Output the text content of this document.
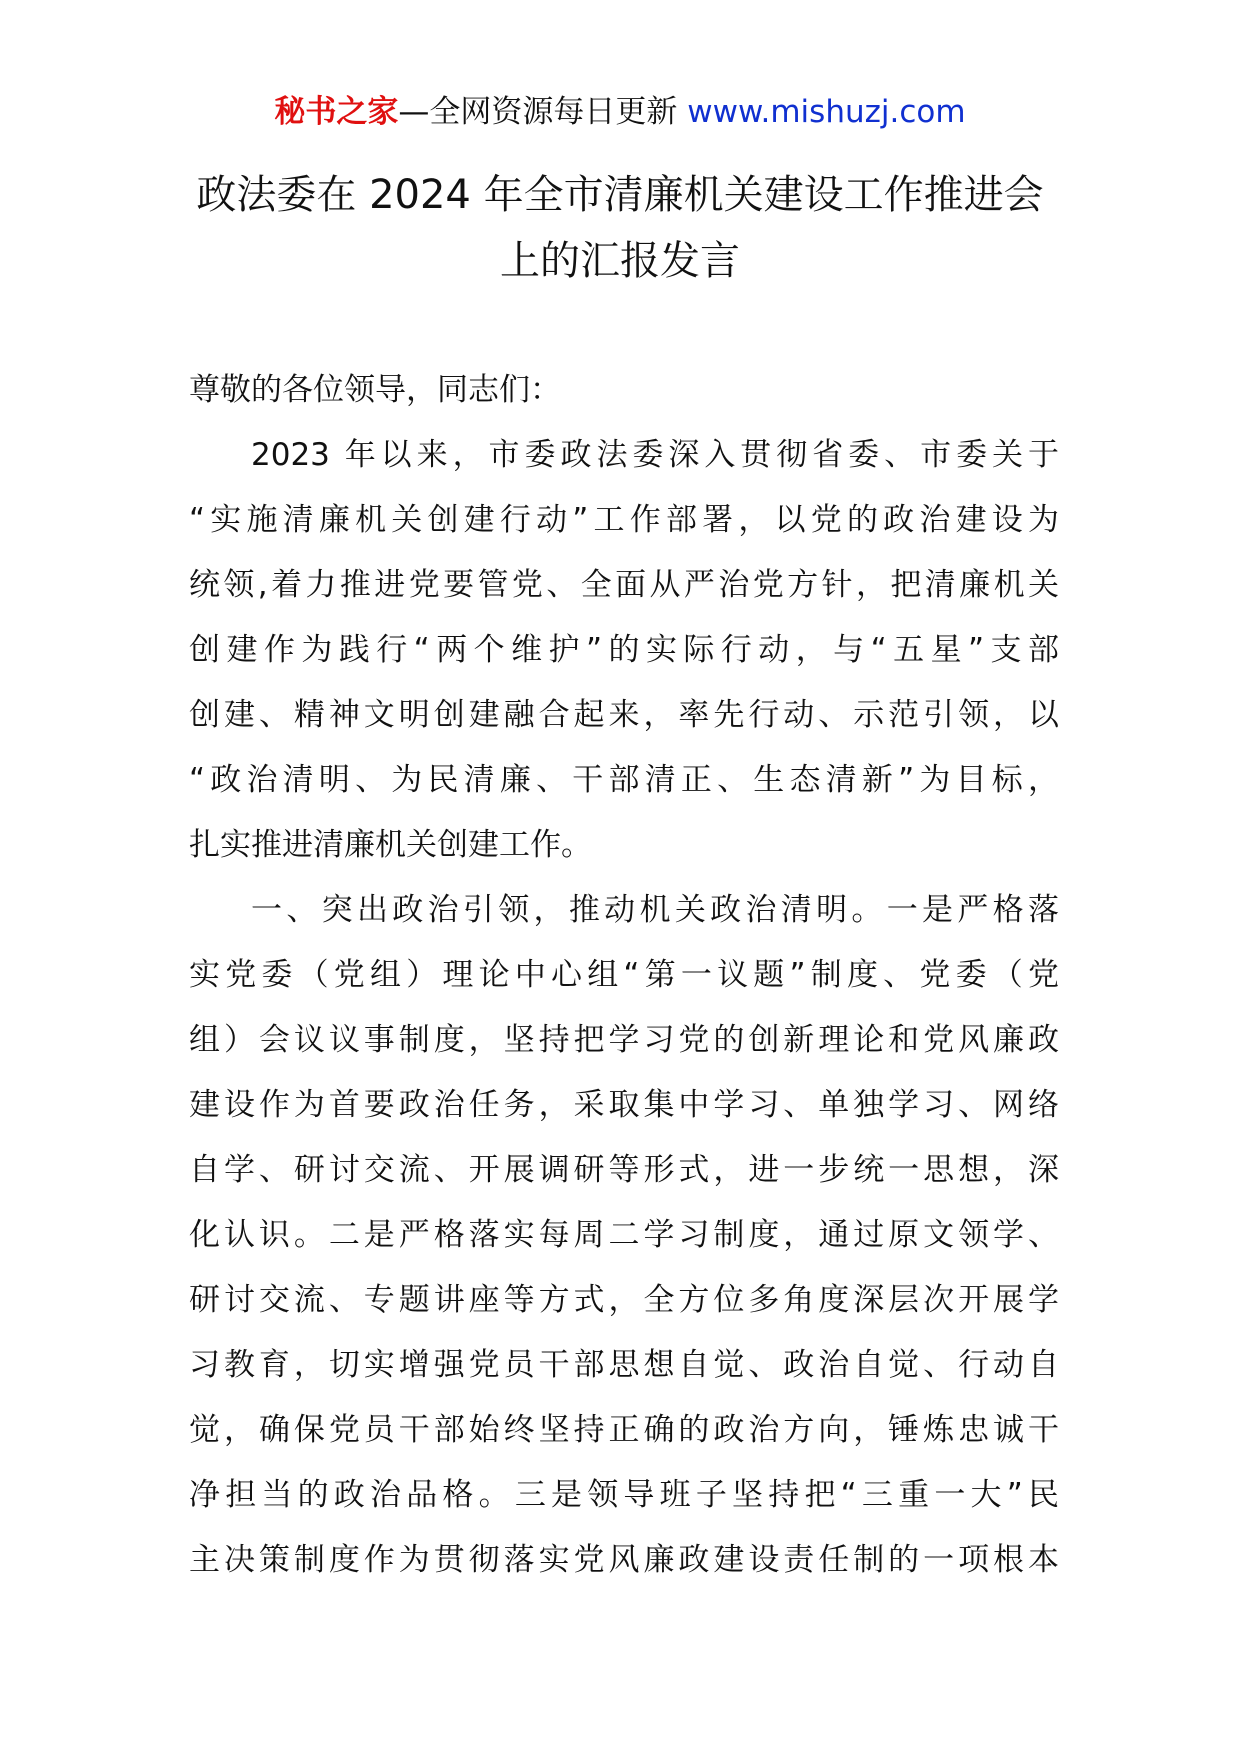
秘书之家—全网资源每日更新 www.mishuzj.com
政法委在 2024 年全市清廉机关建设工作推进会
上的汇报发言
尊敬的各位领导，同志们：
2023 年以来，市委政法委深入贯彻省委、市委关于
“实施清廉机关创建行动”工作部署，以党的政治建设为
统领,着力推进党要管党、全面从严治党方针，把清廉机关
创建作为践行“两个维护”的实际行动，与“五星”支部
创建、精神文明创建融合起来，率先行动、示范引领，以
“政治清明、为民清廉、干部清正、生态清新”为目标，
扎实推进清廉机关创建工作。
一、突出政治引领，推动机关政治清明。一是严格落
实党委（党组）理论中心组“第一议题”制度、党委（党
组）会议议事制度，坚持把学习党的创新理论和党风廉政
建设作为首要政治任务，采取集中学习、单独学习、网络
自学、研讨交流、开展调研等形式，进一步统一思想，深
化认识。二是严格落实每周二学习制度，通过原文领学、
研讨交流、专题讲座等方式，全方位多角度深层次开展学
习教育，切实增强党员干部思想自觉、政治自觉、行动自
觉，确保党员干部始终坚持正确的政治方向，锤炼忠诚干
净担当的政治品格。三是领导班子坚持把“三重一大”民
主决策制度作为贯彻落实党风廉政建设责任制的一项根本
